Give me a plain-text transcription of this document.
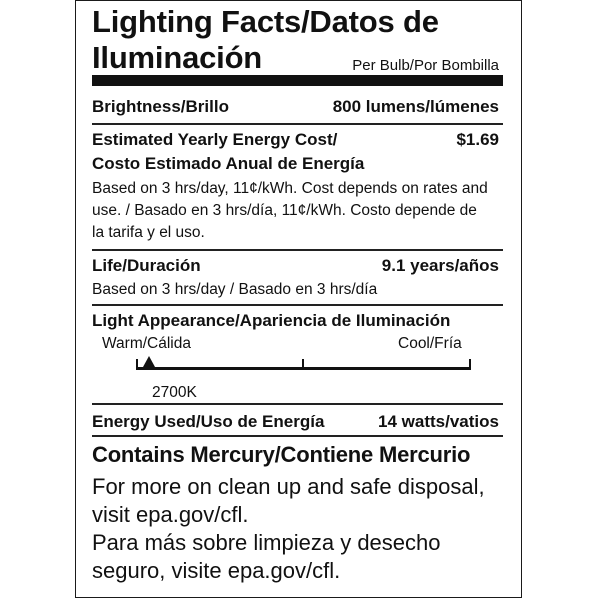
Lighting Facts/Datos de
Iluminación	Per Bulb/Por Bombilla
Brightness/Brillo	800 lumens/lúmenes
Estimated Yearly Energy Cost/	$1.69
Costo Estimado Anual de Energía
Based on 3 hrs/day, 11¢/kWh. Cost depends on rates and use. / Basado en 3 hrs/día, 11¢/kWh. Costo depende de la tarifa y el uso.
Life/Duración	9.1 years/años
Based on 3 hrs/day / Basado en 3 hrs/día
Light Appearance/Apariencia de Iluminación
Warm/Cálida	Cool/Fría
2700K
Energy Used/Uso de Energía	14 watts/vatios
Contains Mercury/Contiene Mercurio
For more on clean up and safe disposal, visit epa.gov/cfl.
Para más sobre limpieza y desecho seguro, visite epa.gov/cfl.
